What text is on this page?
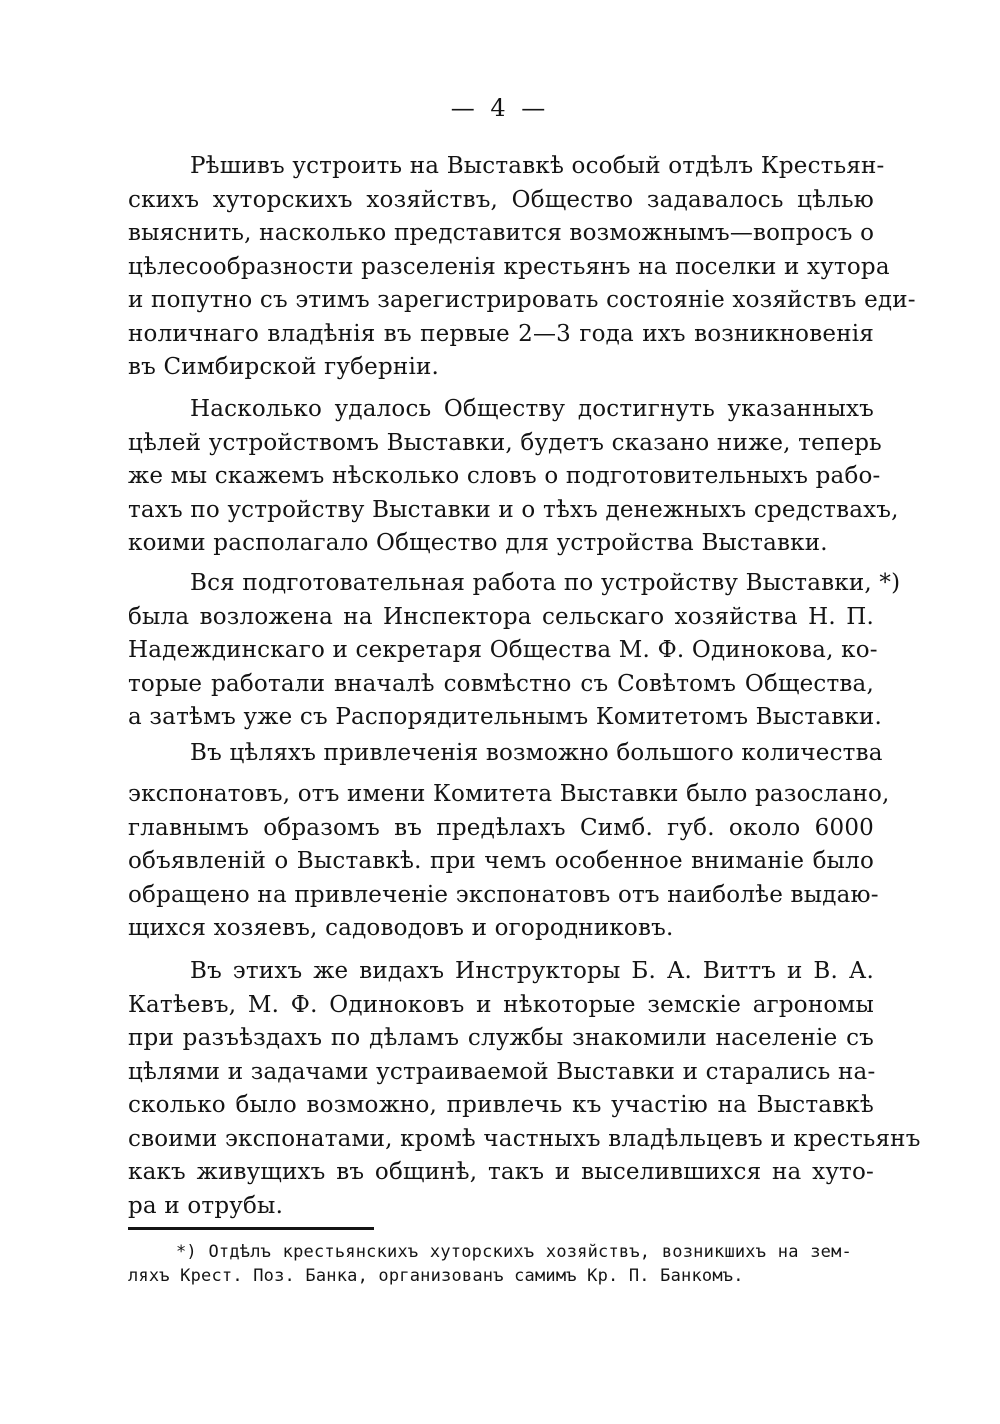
— 4 —
Рѣшивъ устроить на Выставкѣ особый отдѣлъ Крестьян-
скихъ хуторскихъ хозяйствъ, Общество задавалось цѣлью
выяснить, насколько представится возможнымъ—вопросъ о
цѣлесообразности разселенія крестьянъ на поселки и хутора
и попутно съ этимъ зарегистрировать состояніе хозяйствъ еди-
ноличнаго владѣнія въ первые 2—3 года ихъ возникновенія
въ Симбирской губерніи.
Насколько удалось Обществу достигнуть указанныхъ
цѣлей устройствомъ Выставки, будетъ сказано ниже, теперь
же мы скажемъ нѣсколько словъ о подготовительныхъ рабо-
тахъ по устройству Выставки и о тѣхъ денежныхъ средствахъ,
коими располагало Общество для устройства Выставки.
Вся подготовательная работа по устройству Выставки, *)
была возложена на Инспектора сельскаго хозяйства Н. П.
Надеждинскаго и секретаря Общества М. Ф. Одинокова, ко-
торые работали вначалѣ совмѣстно съ Совѣтомъ Общества,
а затѣмъ уже съ Распорядительнымъ Комитетомъ Выставки.
Въ цѣляхъ привлеченія возможно большого количества
экспонатовъ, отъ имени Комитета Выставки было разослано,
главнымъ образомъ въ предѣлахъ Симб. губ. около 6000
объявленій о Выставкѣ. при чемъ особенное вниманіе было
обращено на привлеченіе экспонатовъ отъ наиболѣе выдаю-
щихся хозяевъ, садоводовъ и огородниковъ.
Въ этихъ же видахъ Инструкторы Б. А. Виттъ и В. А.
Катѣевъ, М. Ф. Одиноковъ и нѣкоторые земскіе агрономы
при разъѣздахъ по дѣламъ службы знакомили населеніе съ
цѣлями и задачами устраиваемой Выставки и старались на-
сколько было возможно, привлечь къ участію на Выставкѣ
своими экспонатами, кромѣ частныхъ владѣльцевъ и крестьянъ
какъ живущихъ въ общинѣ, такъ и выселившихся на хуто-
ра и отрубы.
*) Отдѣлъ крестьянскихъ хуторскихъ хозяйствъ, возникшихъ на зем-
ляхъ Крест. Поз. Банка, организованъ самимъ Кр. П. Банкомъ.
